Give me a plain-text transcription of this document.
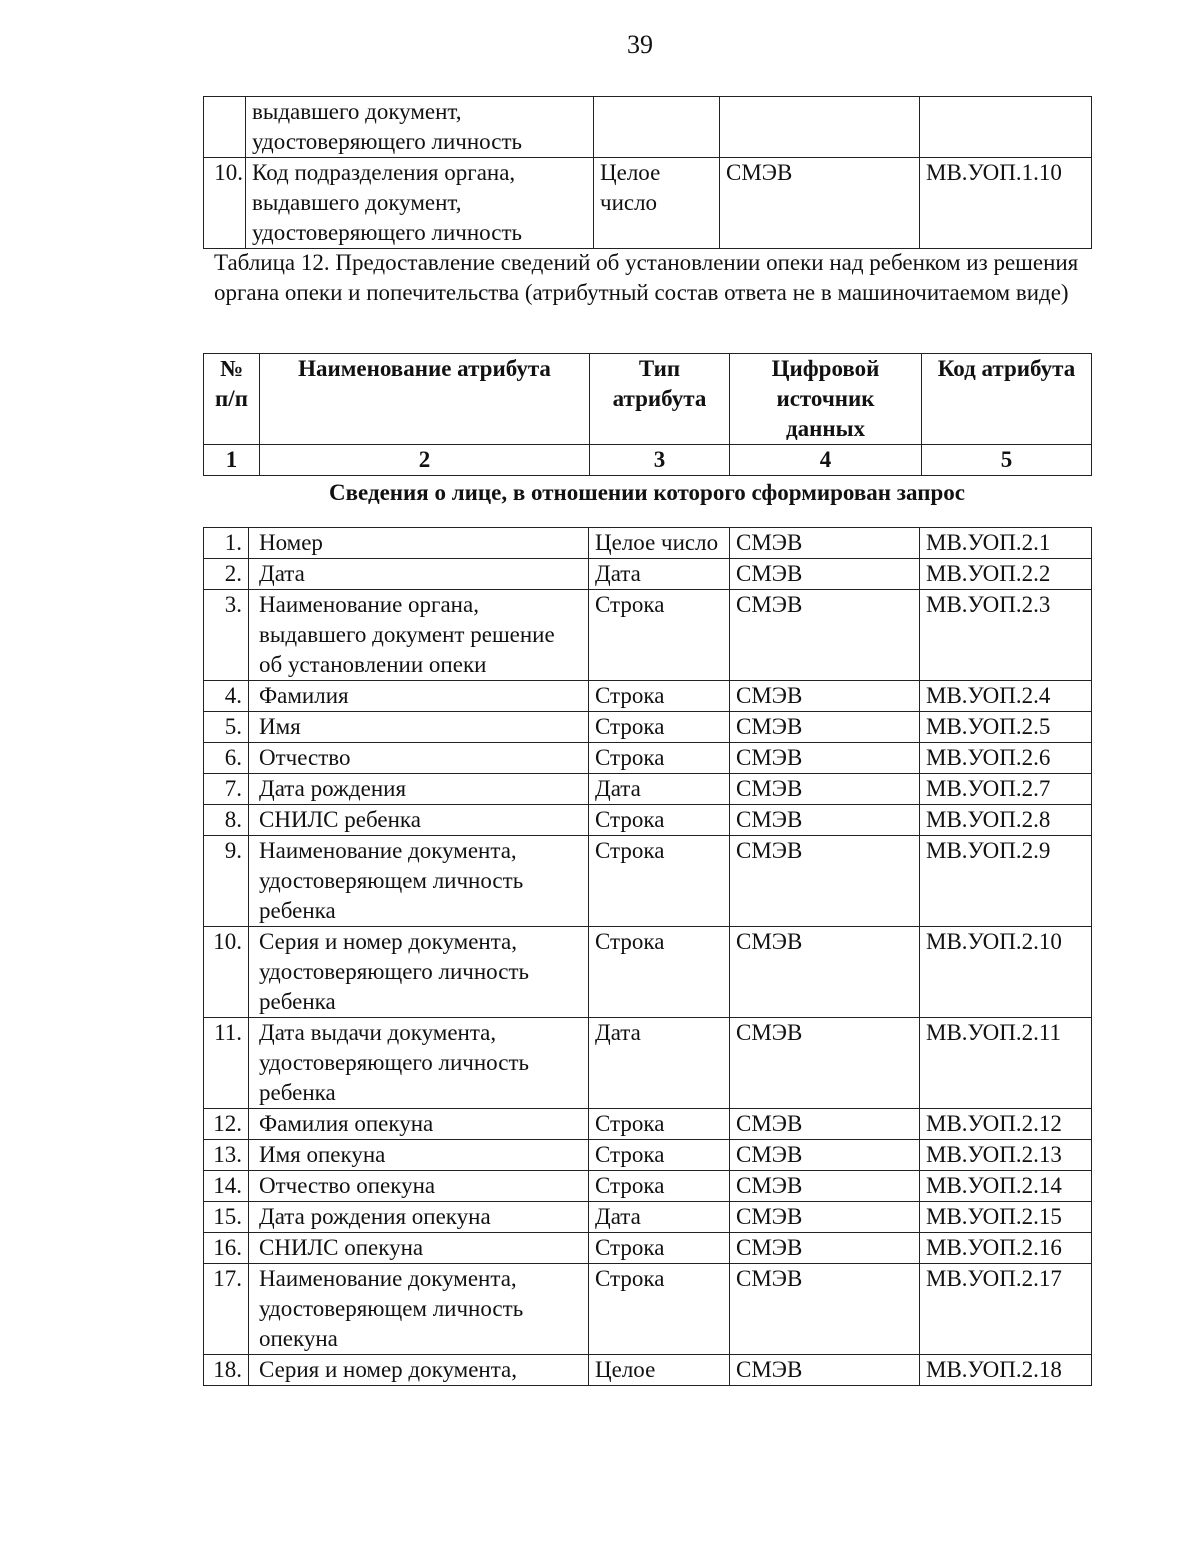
39
	выдавшего документ, удостоверяющего личность			
10.	Код подразделения органа, выдавшего документ, удостоверяющего личность	Целое число	СМЭВ	МВ.УОП.1.10
Таблица 12. Предоставление сведений об установлении опеки над ребенком из решения органа опеки и попечительства (атрибутный состав ответа не в машиночитаемом виде)
№ п/п	Наименование атрибута	Тип атрибута	Цифровой источник данных	Код атрибута
1	2	3	4	5
Сведения о лице, в отношении которого сформирован запрос
1.	Номер	Целое число	СМЭВ	МВ.УОП.2.1
2.	Дата	Дата	СМЭВ	МВ.УОП.2.2
3.	Наименование органа, выдавшего документ решение об установлении опеки	Строка	СМЭВ	МВ.УОП.2.3
4.	Фамилия	Строка	СМЭВ	МВ.УОП.2.4
5.	Имя	Строка	СМЭВ	МВ.УОП.2.5
6.	Отчество	Строка	СМЭВ	МВ.УОП.2.6
7.	Дата рождения	Дата	СМЭВ	МВ.УОП.2.7
8.	СНИЛС ребенка	Строка	СМЭВ	МВ.УОП.2.8
9.	Наименование документа, удостоверяющем личность ребенка	Строка	СМЭВ	МВ.УОП.2.9
10.	Серия и номер документа, удостоверяющего личность ребенка	Строка	СМЭВ	МВ.УОП.2.10
11.	Дата выдачи документа, удостоверяющего личность ребенка	Дата	СМЭВ	МВ.УОП.2.11
12.	Фамилия опекуна	Строка	СМЭВ	МВ.УОП.2.12
13.	Имя опекуна	Строка	СМЭВ	МВ.УОП.2.13
14.	Отчество опекуна	Строка	СМЭВ	МВ.УОП.2.14
15.	Дата рождения опекуна	Дата	СМЭВ	МВ.УОП.2.15
16.	СНИЛС опекуна	Строка	СМЭВ	МВ.УОП.2.16
17.	Наименование документа, удостоверяющем личность опекуна	Строка	СМЭВ	МВ.УОП.2.17
18.	Серия и номер документа,	Целое	СМЭВ	МВ.УОП.2.18
